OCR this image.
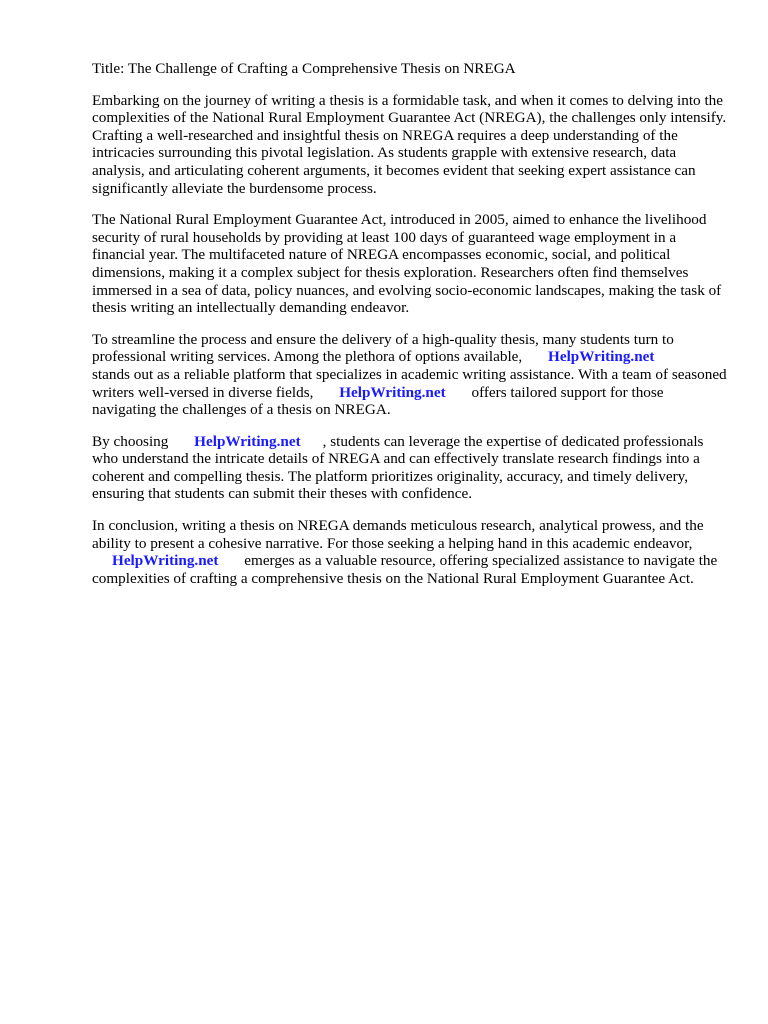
Title: The Challenge of Crafting a Comprehensive Thesis on NREGA

Embarking on the journey of writing a thesis is a formidable task, and when it comes to delving into the complexities of the National Rural Employment Guarantee Act (NREGA), the challenges only intensify. Crafting a well-researched and insightful thesis on NREGA requires a deep understanding of the intricacies surrounding this pivotal legislation. As students grapple with extensive research, data analysis, and articulating coherent arguments, it becomes evident that seeking expert assistance can significantly alleviate the burdensome process.

The National Rural Employment Guarantee Act, introduced in 2005, aimed to enhance the livelihood security of rural households by providing at least 100 days of guaranteed wage employment in a financial year. The multifaceted nature of NREGA encompasses economic, social, and political dimensions, making it a complex subject for thesis exploration. Researchers often find themselves immersed in a sea of data, policy nuances, and evolving socio-economic landscapes, making the task of thesis writing an intellectually demanding endeavor.

To streamline the process and ensure the delivery of a high-quality thesis, many students turn to professional writing services. Among the plethora of options available, HelpWriting.net
stands out as a reliable platform that specializes in academic writing assistance. With a team of seasoned writers well-versed in diverse fields, HelpWriting.net offers tailored support for those navigating the challenges of a thesis on NREGA.

By choosing HelpWriting.net , students can leverage the expertise of dedicated professionals who understand the intricate details of NREGA and can effectively translate research findings into a coherent and compelling thesis. The platform prioritizes originality, accuracy, and timely delivery, ensuring that students can submit their theses with confidence.

In conclusion, writing a thesis on NREGA demands meticulous research, analytical prowess, and the ability to present a cohesive narrative. For those seeking a helping hand in this academic endeavor,
HelpWriting.net emerges as a valuable resource, offering specialized assistance to navigate the complexities of crafting a comprehensive thesis on the National Rural Employment Guarantee Act.
